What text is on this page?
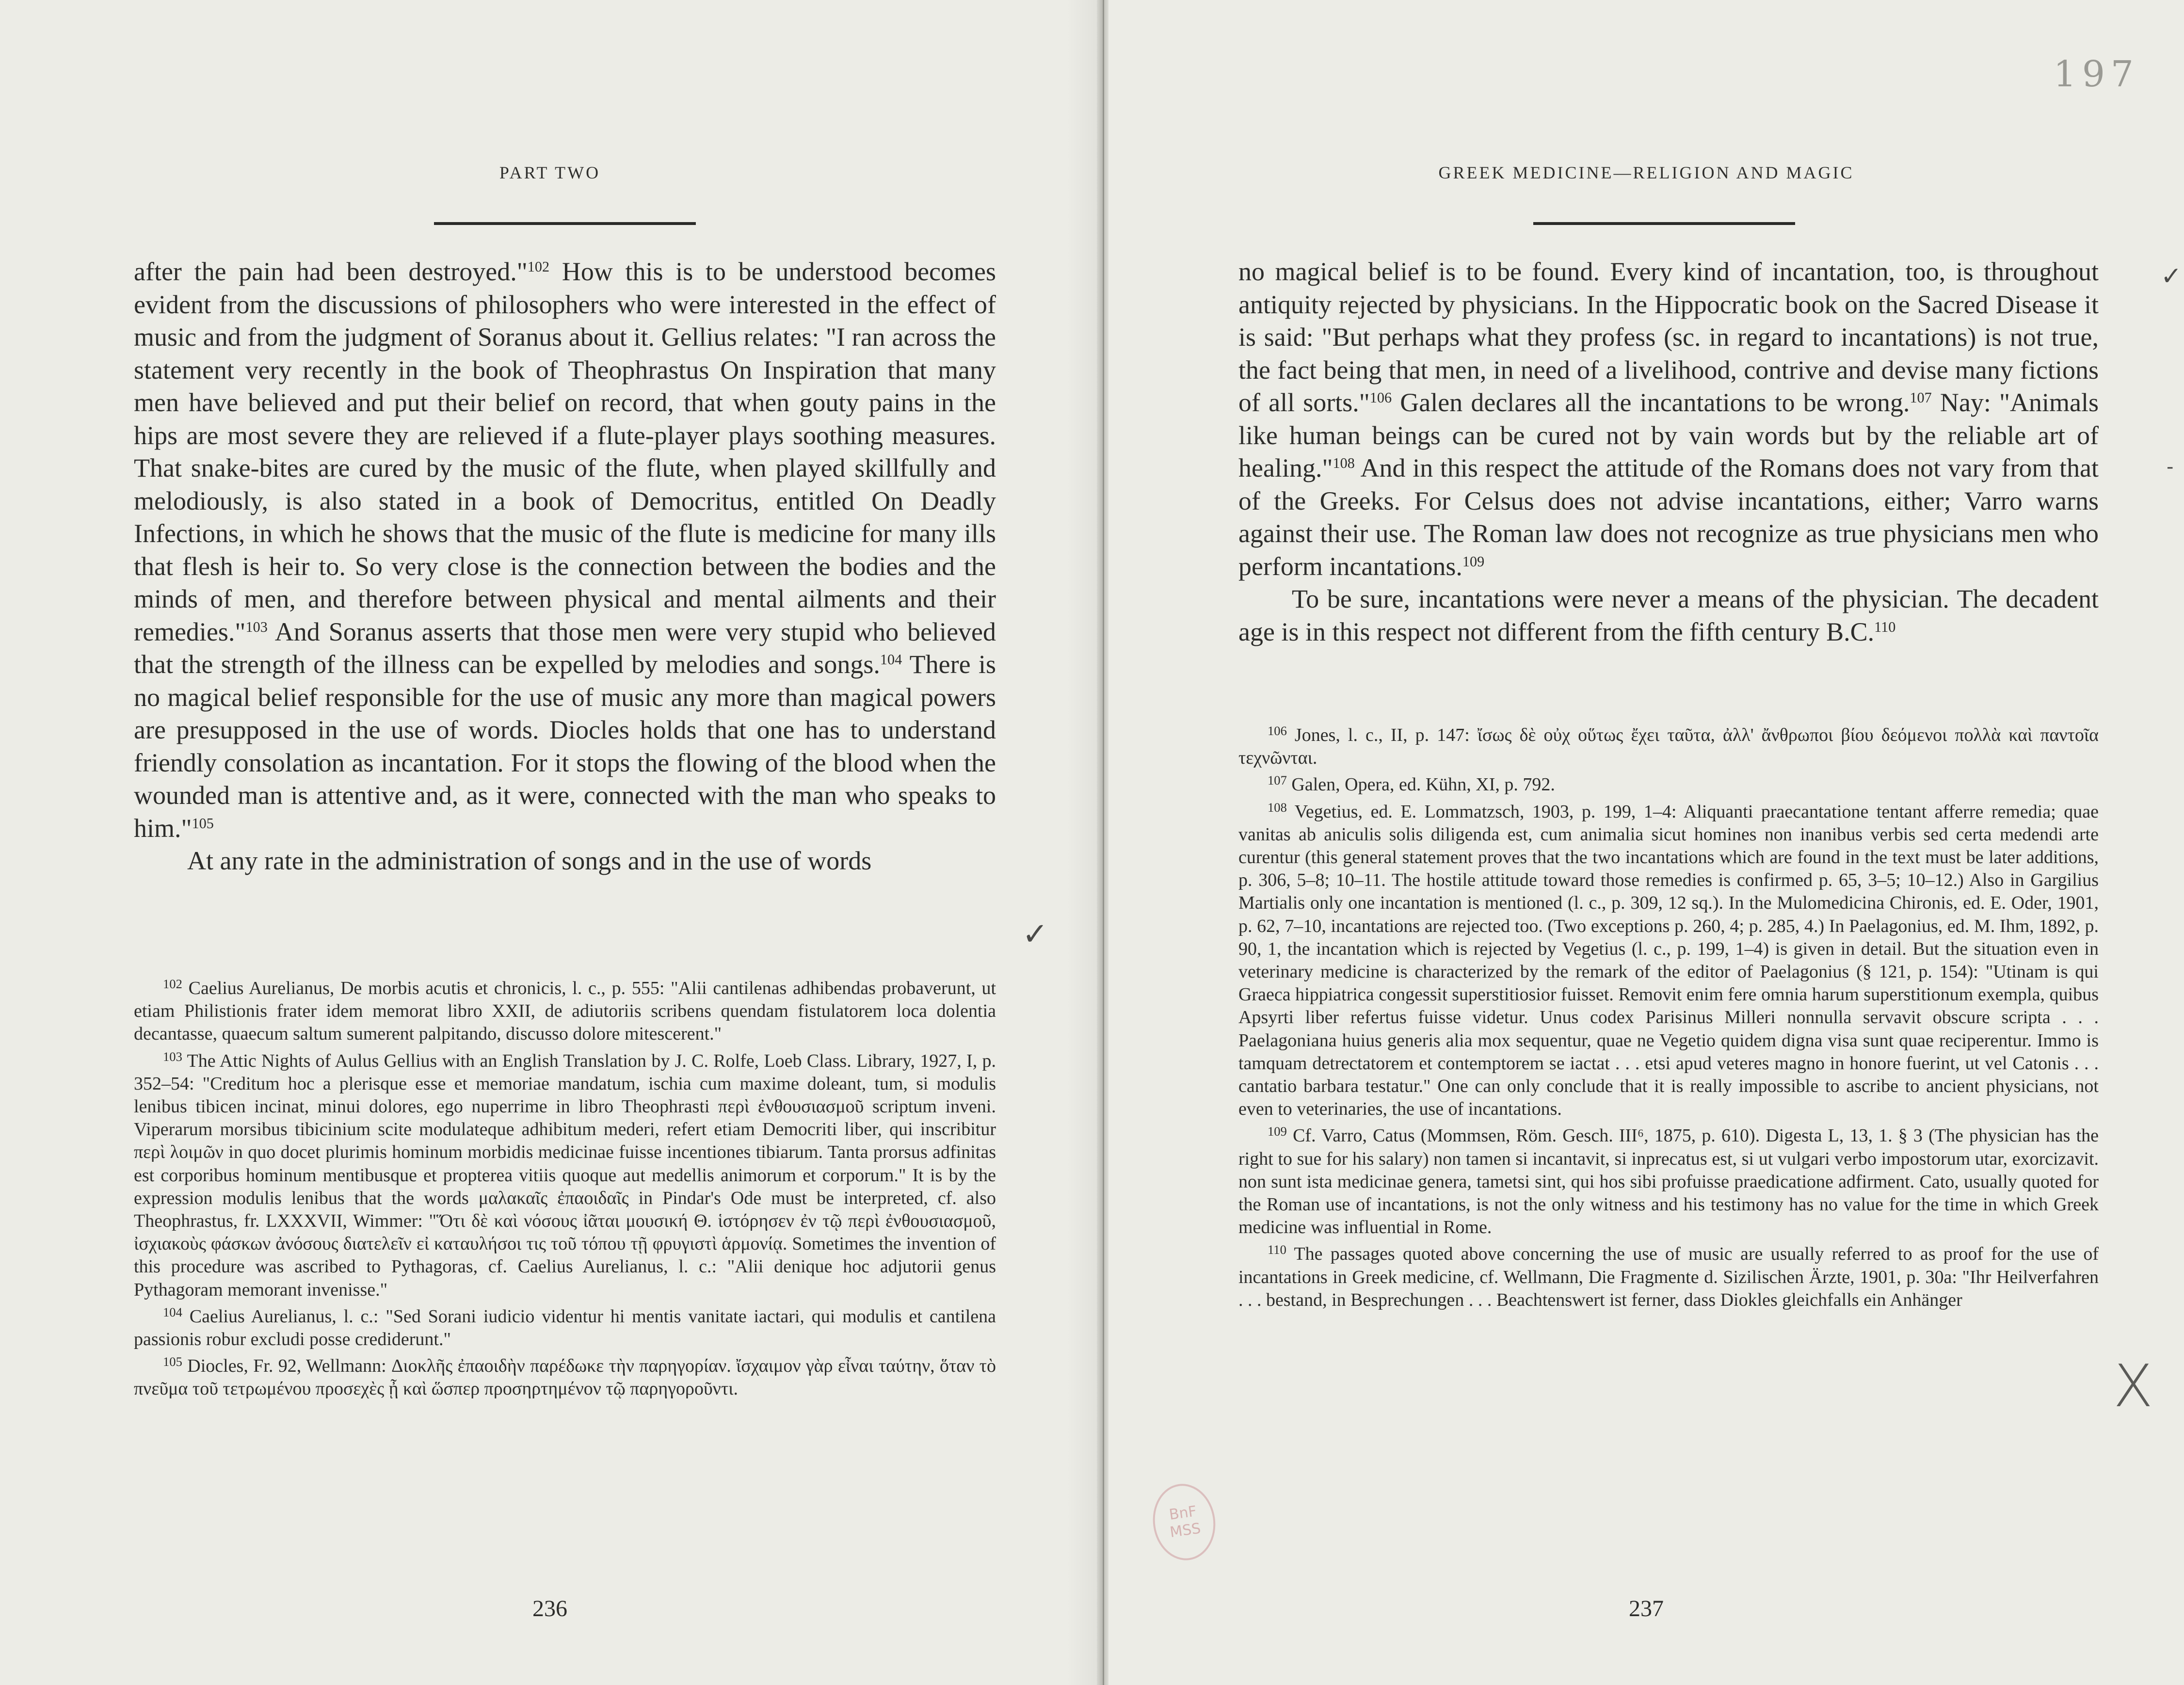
PART TWO

after the pain had been destroyed."$^{102}$ How this is to be understood becomes evident from the discussions of philosophers who were interested in the effect of music and from the judgment of Soranus about it. Gellius relates: "I ran across the statement very recently in the book of Theophrastus On Inspiration that many men have believed and put their belief on record, that when gouty pains in the hips are most severe they are relieved if a flute-player plays soothing measures. That snake-bites are cured by the music of the flute, when played skillfully and melodiously, is also stated in a book of Democritus, entitled On Deadly Infections, in which he shows that the music of the flute is medicine for many ills that flesh is heir to. So very close is the connection between the bodies and the minds of men, and therefore between physical and mental ailments and their remedies."$^{103}$ And Soranus asserts that those men were very stupid who believed that the strength of the illness can be expelled by melodies and songs.$^{104}$ There is no magical belief responsible for the use of music any more than magical powers are presupposed in the use of words. Diocles holds that one has to understand friendly consolation as incantation. For it stops the flowing of the blood when the wounded man is attentive and, as it were, connected with the man who speaks to him."$^{105}$

At any rate in the administration of songs and in the use of words

$^{102}$ Caelius Aurelianus, De morbis acutis et chronicis, l. c., p. 555: "Alii cantilenas adhibendas probaverunt, ut etiam Philistionis frater idem memorat libro XXII, de adiutoriis scribens quendam fistulatorem loca dolentia decantasse, quaecum saltum sumerent palpitando, discusso dolore mitescerent."

$^{103}$ The Attic Nights of Aulus Gellius with an English Translation by J. C. Rolfe, Loeb Class. Library, 1927, I, p. 352–54: "Creditum hoc a plerisque esse et memoriae mandatum, ischia cum maxime doleant, tum, si modulis lenibus tibicen incinat, minui dolores, ego nuperrime in libro Theophrasti περὶ ἐνθουσιασμοῦ scriptum inveni. Viperarum morsibus tibicinium scite modulateque adhibitum mederi, refert etiam Democriti liber, qui inscribitur περὶ λοιμῶν in quo docet plurimis hominum morbidis medicinae fuisse incentiones tibiarum. Tanta prorsus adfinitas est corporibus hominum mentibusque et propterea vitiis quoque aut medellis animorum et corporum." It is by the expression modulis lenibus that the words μαλακαῖς ἐπαοιδαῖς in Pindar's Ode must be interpreted, cf. also Theophrastus, fr. LXXXVII, Wimmer: "Ὅτι δὲ καὶ νόσους ἰᾶται μουσική Θ. ἱστόρησεν ἐν τῷ περὶ ἐνθουσιασμοῦ, ἰσχιακοὺς φάσκων ἀνόσους διατελεῖν εἰ καταυλήσοι τις τοῦ τόπου τῇ φρυγιστὶ ἁρμονίᾳ. Sometimes the invention of this procedure was ascribed to Pythagoras, cf. Caelius Aurelianus, l. c.: "Alii denique hoc adjutorii genus Pythagoram memorant invenisse."

$^{104}$ Caelius Aurelianus, l. c.: "Sed Sorani iudicio videntur hi mentis vanitate iactari, qui modulis et cantilena passionis robur excludi posse crediderunt."

$^{105}$ Diocles, Fr. 92, Wellmann: Διοκλῆς ἐπαοιδὴν παρέδωκε τὴν παρηγορίαν. ἴσχαιμον γὰρ εἶναι ταύτην, ὅταν τὸ πνεῦμα τοῦ τετρωμένου προσεχὲς ᾖ καὶ ὥσπερ προσηρτημένον τῷ παρηγοροῦντι.

236
✓
197
GREEK MEDICINE—RELIGION AND MAGIC

no magical belief is to be found. Every kind of incantation, too, is throughout antiquity rejected by physicians. In the Hippocratic book on the Sacred Disease it is said: "But perhaps what they profess (sc. in regard to incantations) is not true, the fact being that men, in need of a livelihood, contrive and devise many fictions of all sorts."$^{106}$ Galen declares all the incantations to be wrong.$^{107}$ Nay: "Animals like human beings can be cured not by vain words but by the reliable art of healing."$^{108}$ And in this respect the attitude of the Romans does not vary from that of the Greeks. For Celsus does not advise incantations, either; Varro warns against their use. The Roman law does not recognize as true physicians men who perform incantations.$^{109}$

To be sure, incantations were never a means of the physician. The decadent age is in this respect not different from the fifth century B.C.$^{110}$

$^{106}$ Jones, l. c., II, p. 147: ἴσως δὲ οὐχ οὕτως ἔχει ταῦτα, ἀλλ' ἄνθρωποι βίου δεόμενοι πολλὰ καὶ παντοῖα τεχνῶνται.

$^{107}$ Galen, Opera, ed. Kühn, XI, p. 792.

$^{108}$ Vegetius, ed. E. Lommatzsch, 1903, p. 199, 1–4: Aliquanti praecantatione tentant afferre remedia; quae vanitas ab aniculis solis diligenda est, cum animalia sicut homines non inanibus verbis sed certa medendi arte curentur (this general statement proves that the two incantations which are found in the text must be later additions, p. 306, 5–8; 10–11. The hostile attitude toward those remedies is confirmed p. 65, 3–5; 10–12.) Also in Gargilius Martialis only one incantation is mentioned (l. c., p. 309, 12 sq.). In the Mulomedicina Chironis, ed. E. Oder, 1901, p. 62, 7–10, incantations are rejected too. (Two exceptions p. 260, 4; p. 285, 4.) In Paelagonius, ed. M. Ihm, 1892, p. 90, 1, the incantation which is rejected by Vegetius (l. c., p. 199, 1–4) is given in detail. But the situation even in veterinary medicine is characterized by the remark of the editor of Paelagonius (§ 121, p. 154): "Utinam is qui Graeca hippiatrica congessit superstitiosior fuisset. Removit enim fere omnia harum superstitionum exempla, quibus Apsyrti liber refertus fuisse videtur. Unus codex Parisinus Milleri nonnulla servavit obscure scripta . . . Paelagoniana huius generis alia mox sequentur, quae ne Vegetio quidem digna visa sunt quae reciperentur. Immo is tamquam detrectatorem et contemptorem se iactat . . . etsi apud veteres magno in honore fuerint, ut vel Catonis . . . cantatio barbara testatur." One can only conclude that it is really impossible to ascribe to ancient physicians, not even to veterinaries, the use of incantations.

$^{109}$ Cf. Varro, Catus (Mommsen, Röm. Gesch. III⁶, 1875, p. 610). Digesta L, 13, 1. § 3 (The physician has the right to sue for his salary) non tamen si incantavit, si inprecatus est, si ut vulgari verbo impostorum utar, exorcizavit. non sunt ista medicinae genera, tametsi sint, qui hos sibi profuisse praedicatione adfirment. Cato, usually quoted for the Roman use of incantations, is not the only witness and his testimony has no value for the time in which Greek medicine was influential in Rome.

$^{110}$ The passages quoted above concerning the use of music are usually referred to as proof for the use of incantations in Greek medicine, cf. Wellmann, Die Fragmente d. Sizilischen Ärzte, 1901, p. 30a: "Ihr Heilverfahren . . . bestand, in Besprechungen . . . Beachtenswert ist ferner, dass Diokles gleichfalls ein Anhänger

237
✓
X
-
BnF MSS
